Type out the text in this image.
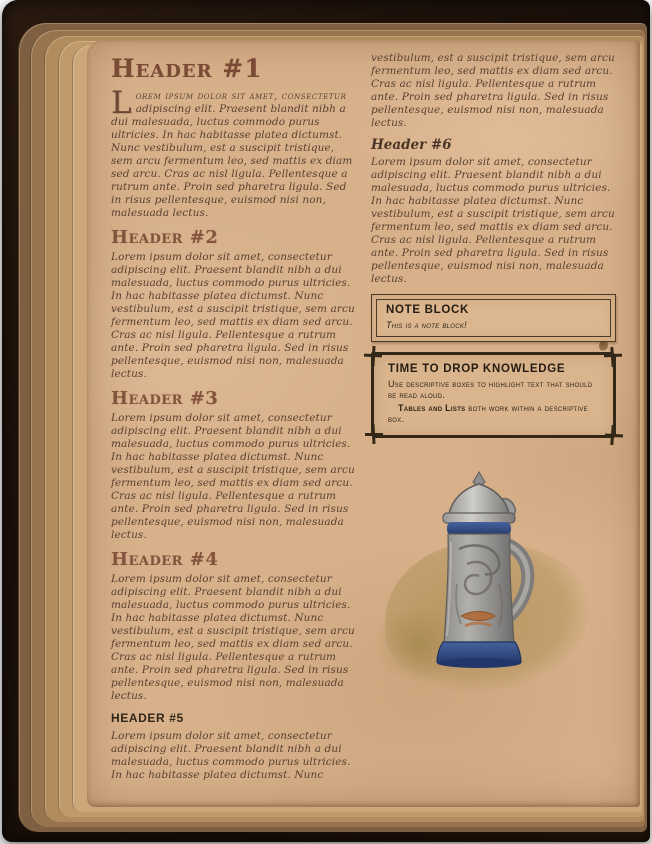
Header #1

Lorem ipsum dolor sit amet, consectetur adipiscing elit. Praesent blandit nibh a dui malesuada, luctus commodo purus ultricies. In hac habitasse platea dictumst. Nunc vestibulum, est a suscipit tristique, sem arcu fermentum leo, sed mattis ex diam sed arcu. Cras ac nisl ligula. Pellentesque a rutrum ante. Proin sed pharetra ligula. Sed in risus pellentesque, euismod nisi non, malesuada lectus.

Header #2

Lorem ipsum dolor sit amet, consectetur adipiscing elit. Praesent blandit nibh a dui malesuada, luctus commodo purus ultricies. In hac habitasse platea dictumst. Nunc vestibulum, est a suscipit tristique, sem arcu fermentum leo, sed mattis ex diam sed arcu. Cras ac nisl ligula. Pellentesque a rutrum ante. Proin sed pharetra ligula. Sed in risus pellentesque, euismod nisi non, malesuada lectus.

Header #3

Lorem ipsum dolor sit amet, consectetur adipiscing elit. Praesent blandit nibh a dui malesuada, luctus commodo purus ultricies. In hac habitasse platea dictumst. Nunc vestibulum, est a suscipit tristique, sem arcu fermentum leo, sed mattis ex diam sed arcu. Cras ac nisl ligula. Pellentesque a rutrum ante. Proin sed pharetra ligula. Sed in risus pellentesque, euismod nisi non, malesuada lectus.

Header #4

Lorem ipsum dolor sit amet, consectetur adipiscing elit. Praesent blandit nibh a dui malesuada, luctus commodo purus ultricies. In hac habitasse platea dictumst. Nunc vestibulum, est a suscipit tristique, sem arcu fermentum leo, sed mattis ex diam sed arcu. Cras ac nisl ligula. Pellentesque a rutrum ante. Proin sed pharetra ligula. Sed in risus pellentesque, euismod nisi non, malesuada lectus.

HEADER #5

Lorem ipsum dolor sit amet, consectetur adipiscing elit. Praesent blandit nibh a dui malesuada, luctus commodo purus ultricies. In hac habitasse platea dictumst. Nunc

vestibulum, est a suscipit tristique, sem arcu fermentum leo, sed mattis ex diam sed arcu. Cras ac nisl ligula. Pellentesque a rutrum ante. Proin sed pharetra ligula. Sed in risus pellentesque, euismod nisi non, malesuada lectus.

Header #6

Lorem ipsum dolor sit amet, consectetur adipiscing elit. Praesent blandit nibh a dui malesuada, luctus commodo purus ultricies. In hac habitasse platea dictumst. Nunc vestibulum, est a suscipit tristique, sem arcu fermentum leo, sed mattis ex diam sed arcu. Cras ac nisl ligula. Pellentesque a rutrum ante. Proin sed pharetra ligula. Sed in risus pellentesque, euismod nisi non, malesuada lectus.

NOTE BLOCK

This is a note block!

TIME TO DROP KNOWLEDGE

Use descriptive boxes to highlight text that should be read aloud.

Tables and Lists both work within a descriptive box.
